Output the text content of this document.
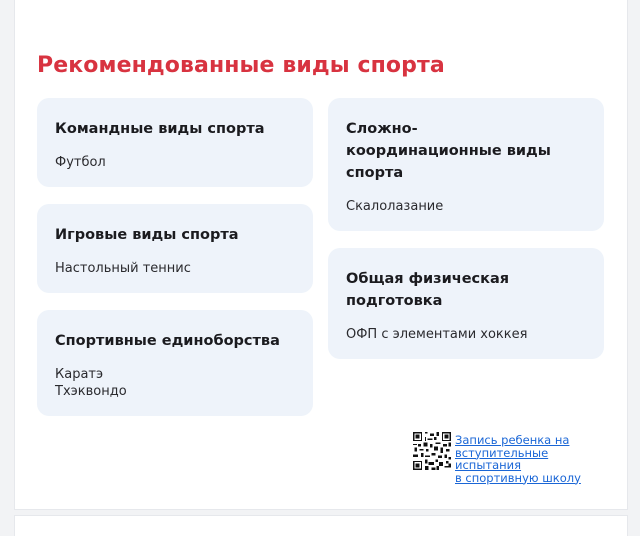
Рекомендованные виды спорта
Командные виды спорта
Футбол
Игровые виды спорта
Настольный теннис
Спортивные единоборства
Каратэ
Тхэквондо
Сложно-координационные виды спорта
Скалолазание
Общая физическая подготовка
ОФП с элементами хоккея
Запись ребенка на
вступительные испытания
в спортивную школу
